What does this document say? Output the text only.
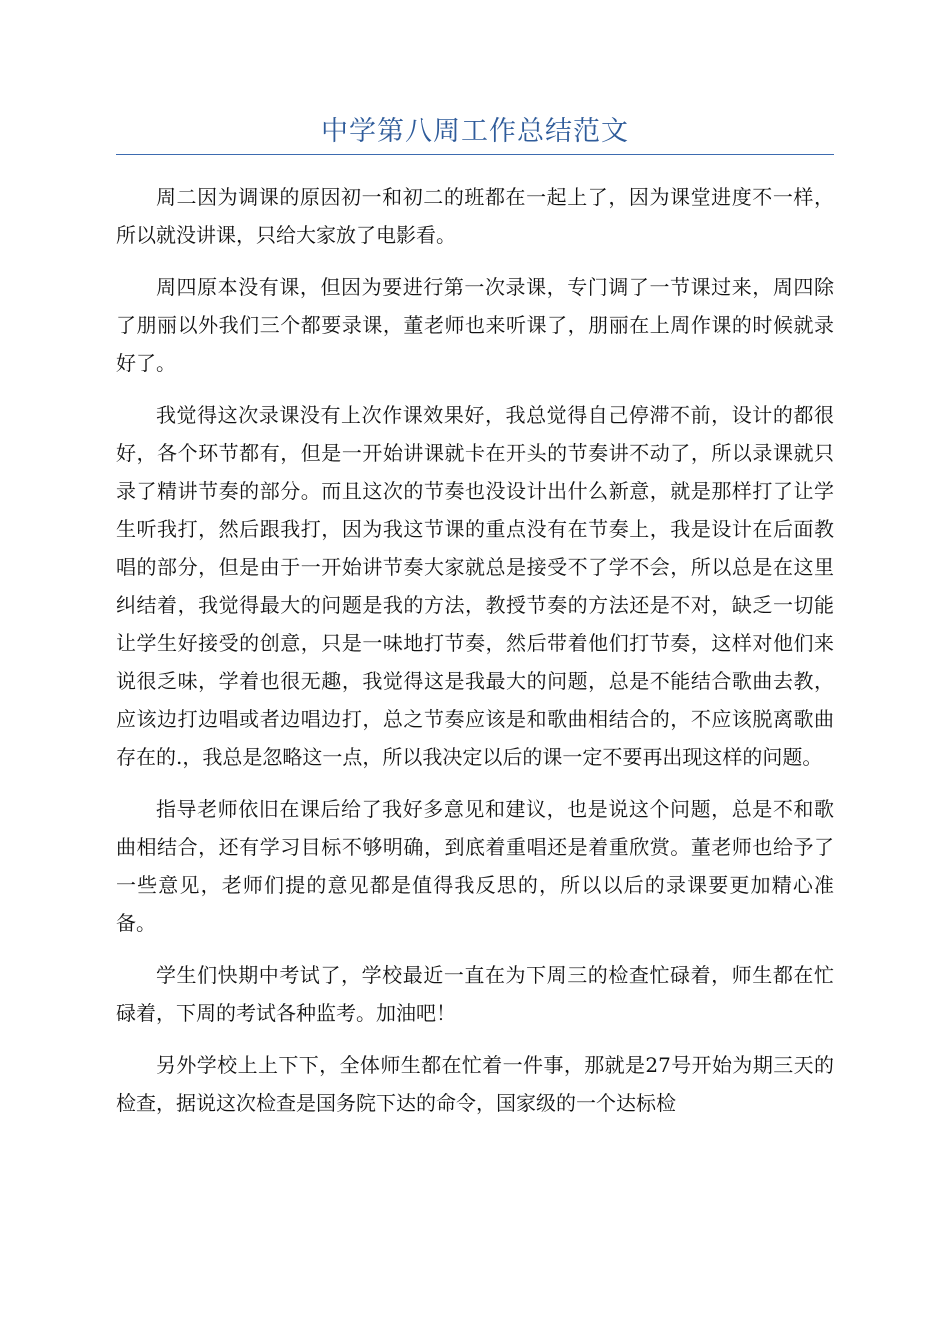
中学第八周工作总结范文

周二因为调课的原因初一和初二的班都在一起上了，因为课堂进度不一样，所以就没讲课，只给大家放了电影看。

周四原本没有课，但因为要进行第一次录课，专门调了一节课过来，周四除了朋丽以外我们三个都要录课，董老师也来听课了，朋丽在上周作课的时候就录好了。

我觉得这次录课没有上次作课效果好，我总觉得自己停滞不前，设计的都很好，各个环节都有，但是一开始讲课就卡在开头的节奏讲不动了，所以录课就只录了精讲节奏的部分。而且这次的节奏也没设计出什么新意，就是那样打了让学生听我打，然后跟我打，因为我这节课的重点没有在节奏上，我是设计在后面教唱的部分，但是由于一开始讲节奏大家就总是接受不了学不会，所以总是在这里纠结着，我觉得最大的问题是我的方法，教授节奏的方法还是不对，缺乏一切能让学生好接受的创意，只是一味地打节奏，然后带着他们打节奏，这样对他们来说很乏味，学着也很无趣，我觉得这是我最大的问题，总是不能结合歌曲去教，应该边打边唱或者边唱边打，总之节奏应该是和歌曲相结合的，不应该脱离歌曲存在的.，我总是忽略这一点，所以我决定以后的课一定不要再出现这样的问题。

指导老师依旧在课后给了我好多意见和建议，也是说这个问题，总是不和歌曲相结合，还有学习目标不够明确，到底着重唱还是着重欣赏。董老师也给予了一些意见，老师们提的意见都是值得我反思的，所以以后的录课要更加精心准备。

学生们快期中考试了，学校最近一直在为下周三的检查忙碌着，师生都在忙碌着，下周的考试各种监考。加油吧！

另外学校上上下下，全体师生都在忙着一件事，那就是27号开始为期三天的检查，据说这次检查是国务院下达的命令，国家级的一个达标检
